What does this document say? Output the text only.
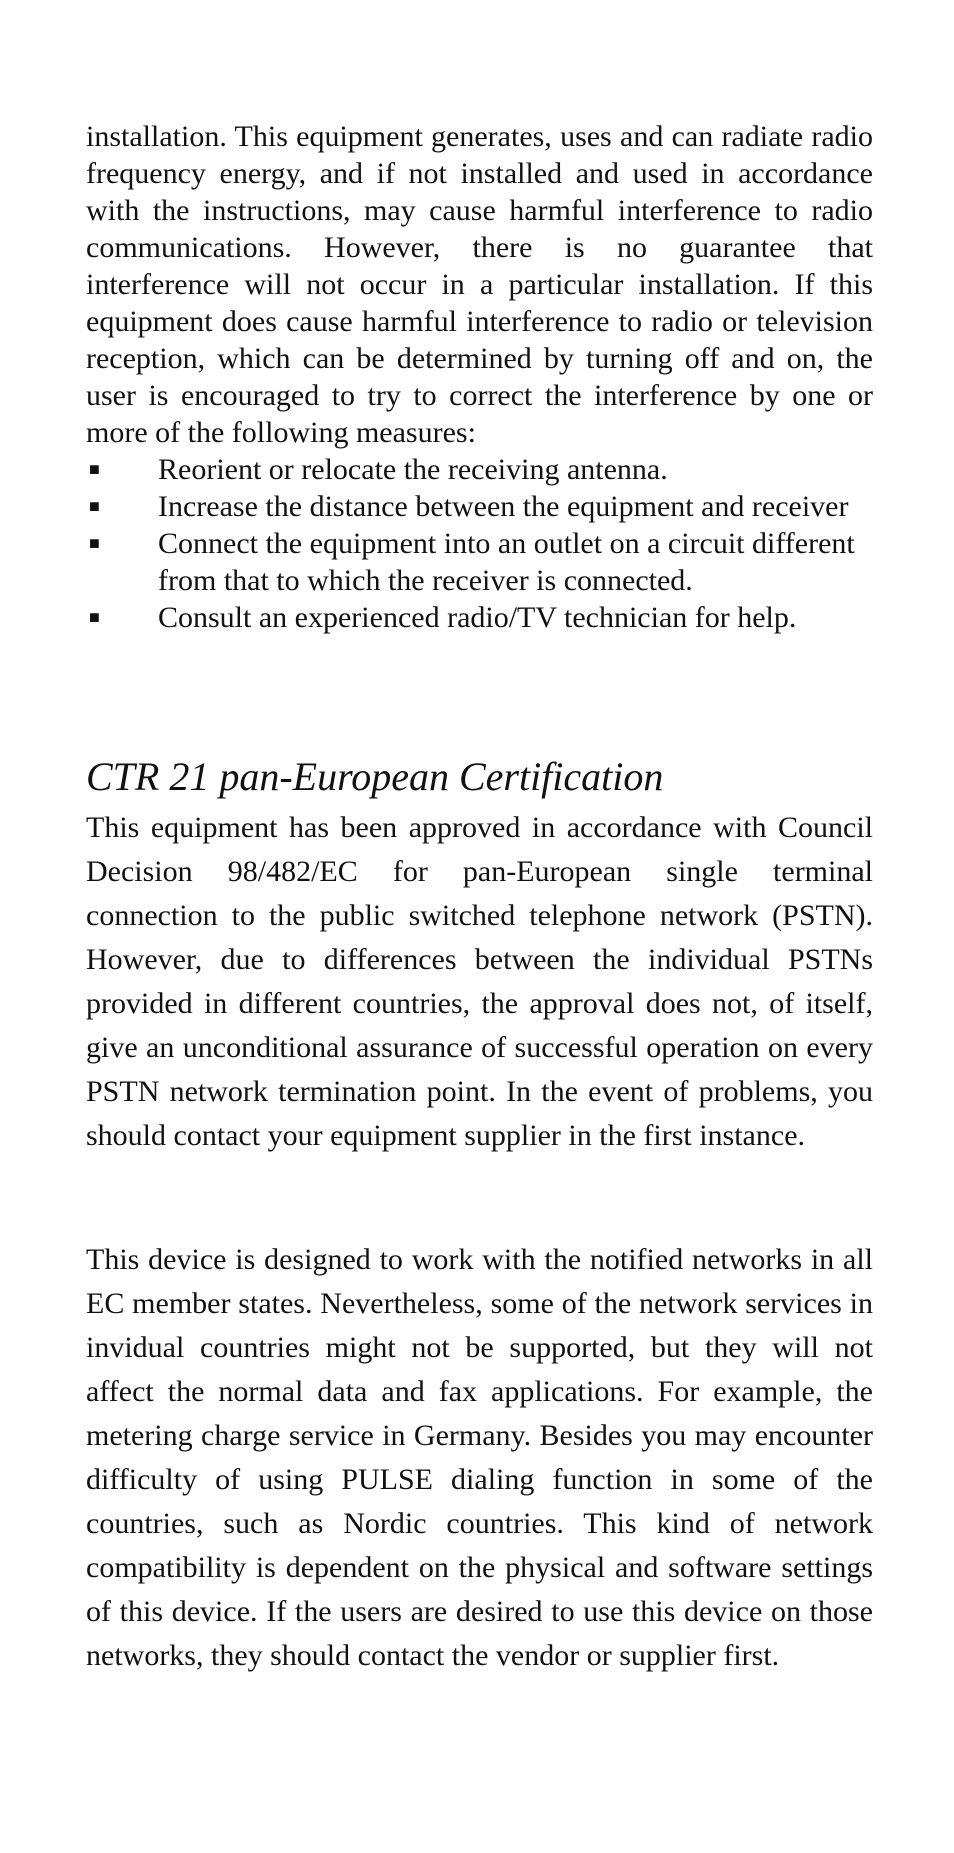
installation. This equipment generates, uses and can radiate radio frequency energy, and if not installed and used in accordance with the instructions, may cause harmful interference to radio communications. However, there is no guarantee that interference will not occur in a particular installation. If this equipment does cause harmful interference to radio or television reception, which can be determined by turning off and on, the user is encouraged to try to correct the interference by one or more of the following measures:

■ Reorient or relocate the receiving antenna.
■ Increase the distance between the equipment and receiver
■ Connect the equipment into an outlet on a circuit different from that to which the receiver is connected.
■ Consult an experienced radio/TV technician for help.
CTR 21 pan-European Certification

This equipment has been approved in accordance with Council Decision 98/482/EC for pan-European single terminal connection to the public switched telephone network (PSTN). However, due to differences between the individual PSTNs provided in different countries, the approval does not, of itself, give an unconditional assurance of successful operation on every PSTN network termination point. In the event of problems, you should contact your equipment supplier in the first instance.

This device is designed to work with the notified networks in all EC member states. Nevertheless, some of the network services in invidual countries might not be supported, but they will not affect the normal data and fax applications. For example, the metering charge service in Germany. Besides you may encounter difficulty of using PULSE dialing function in some of the countries, such as Nordic countries. This kind of network compatibility is dependent on the physical and software settings of this device. If the users are desired to use this device on those networks, they should contact the vendor or supplier first.
